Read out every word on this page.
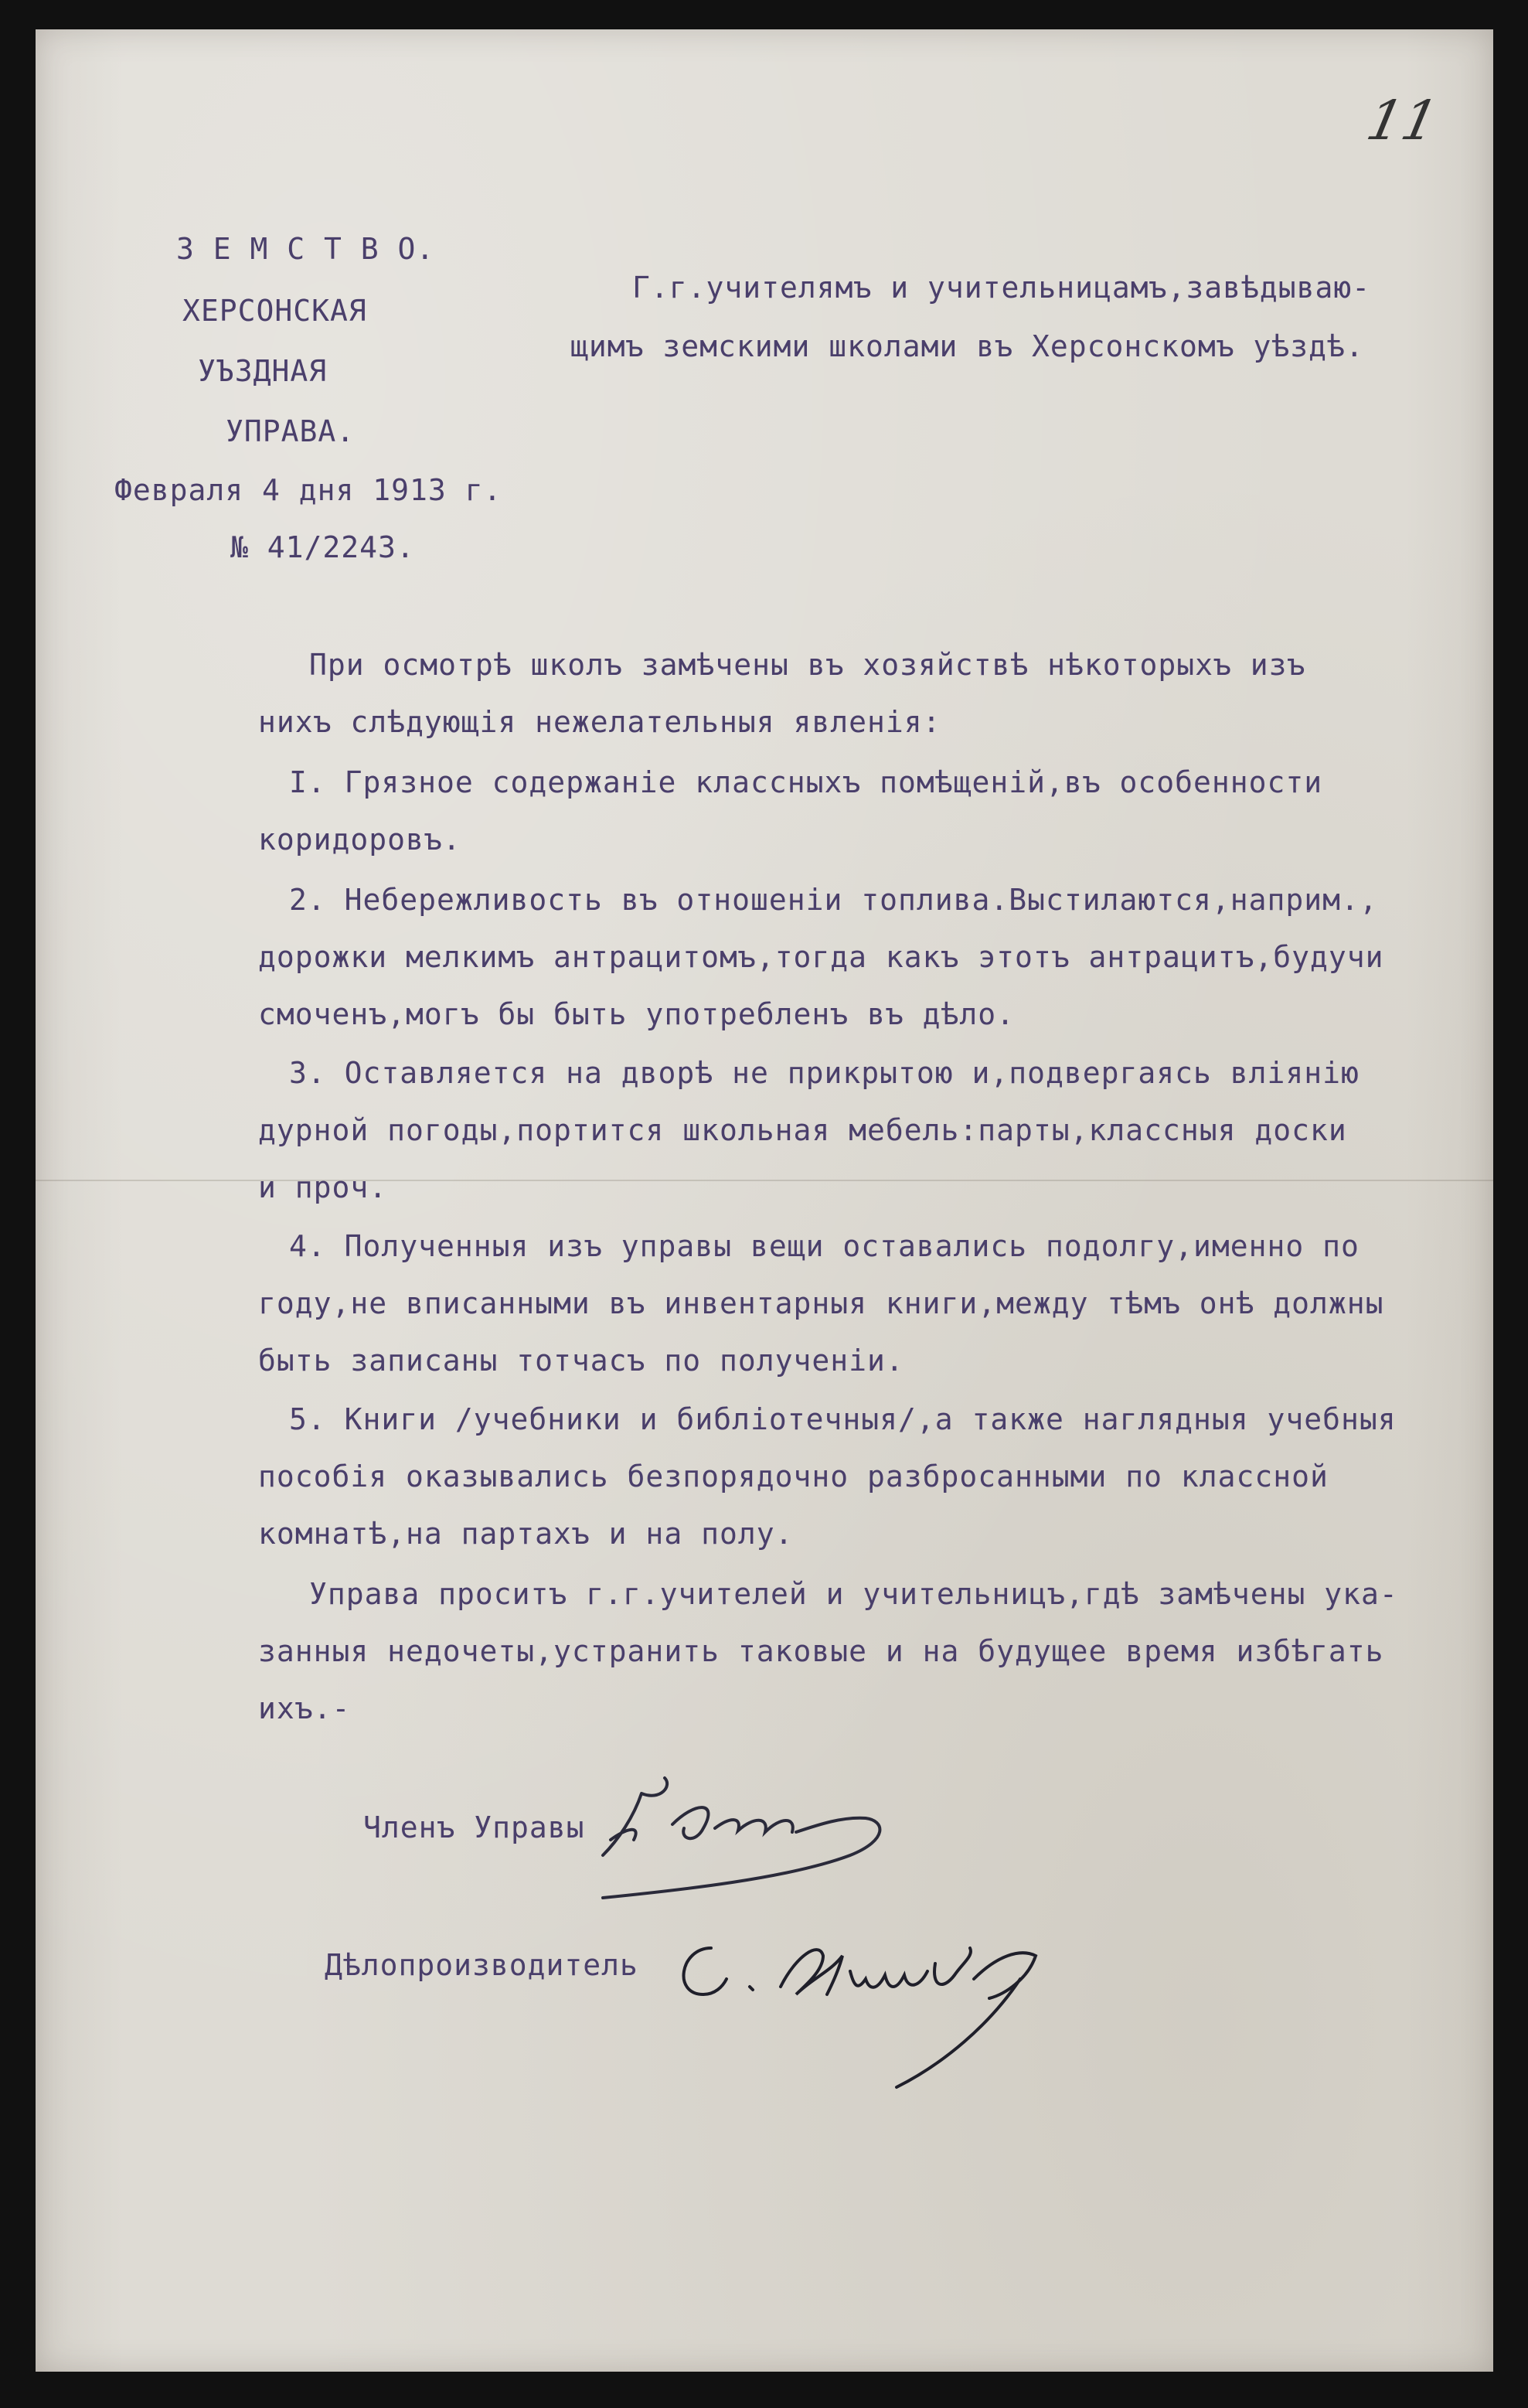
11
З Е М С Т В О.
ХЕРСОНСКАЯ
УЪЗДНАЯ
УПРАВА.
Февраля 4 дня 1913 г.
№ 41/2243.
Г.г.учителямъ и учительницамъ,завѣдываю-
щимъ земскими школами въ Херсонскомъ уѣздѣ.
При осмотрѣ школъ замѣчены въ хозяйствѣ нѣкоторыхъ изъ
нихъ слѣдующія нежелательныя явленія:
I. Грязное содержаніе классныхъ помѣщеній,въ особенности
коридоровъ.
2. Небережливость въ отношеніи топлива.Выстилаются,наприм.,
дорожки мелкимъ антрацитомъ,тогда какъ этотъ антрацитъ,будучи
смоченъ,могъ бы быть употребленъ въ дѣло.
3. Оставляется на дворѣ не прикрытою и,подвергаясь вліянію
дурной погоды,портится школьная мебель:парты,классныя доски
и проч.
4. Полученныя изъ управы вещи оставались подолгу,именно по
году,не вписанными въ инвентарныя книги,между тѣмъ онѣ должны
быть записаны тотчасъ по полученіи.
5. Книги /учебники и библіотечныя/,а также наглядныя учебныя
пособія оказывались безпорядочно разбросанными по классной
комнатѣ,на партахъ и на полу.
Управа проситъ г.г.учителей и учительницъ,гдѣ замѣчены ука-
занныя недочеты,устранить таковые и на будущее время избѣгать
ихъ.-
Членъ Управы
Дѣлопроизводитель
